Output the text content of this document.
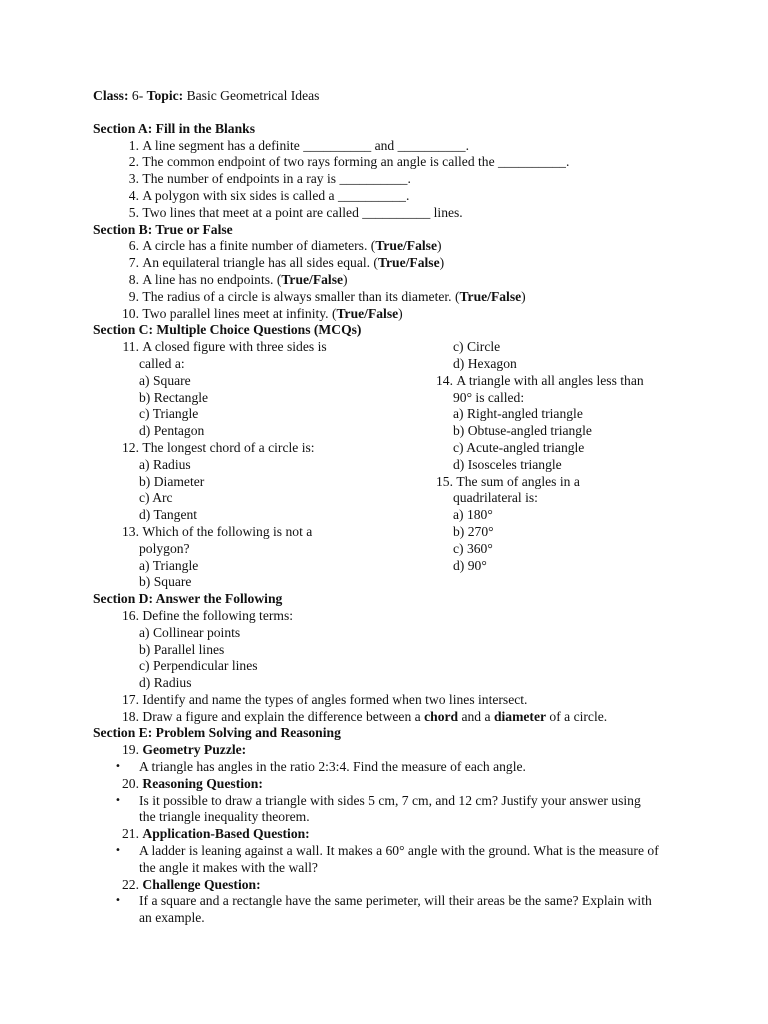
Class: 6- Topic: Basic Geometrical Ideas
Section A: Fill in the Blanks
1.
A line segment has a definite __________ and __________.
2.
The common endpoint of two rays forming an angle is called the __________.
3.
The number of endpoints in a ray is __________.
4.
A polygon with six sides is called a __________.
5.
Two lines that meet at a point are called __________ lines.
Section B: True or False
6.
A circle has a finite number of diameters. (True/False)
7.
An equilateral triangle has all sides equal. (True/False)
8.
A line has no endpoints. (True/False)
9.
The radius of a circle is always smaller than its diameter. (True/False)
10.
Two parallel lines meet at infinity. (True/False)
Section C: Multiple Choice Questions (MCQs)
11.
A closed figure with three sides is
called a:
a) Square
b) Rectangle
c) Triangle
d) Pentagon
12.
The longest chord of a circle is:
a) Radius
b) Diameter
c) Arc
d) Tangent
13.
Which of the following is not a
polygon?
a) Triangle
b) Square
c) Circle
d) Hexagon
14.
A triangle with all angles less than
90° is called:
a) Right-angled triangle
b) Obtuse-angled triangle
c) Acute-angled triangle
d) Isosceles triangle
15.
The sum of angles in a
quadrilateral is:
a) 180°
b) 270°
c) 360°
d) 90°
Section D: Answer the Following
16.
Define the following terms:
a) Collinear points
b) Parallel lines
c) Perpendicular lines
d) Radius
17.
Identify and name the types of angles formed when two lines intersect.
18.
Draw a figure and explain the difference between a chord and a diameter of a circle.
Section E: Problem Solving and Reasoning
19.
Geometry Puzzle:
•	A triangle has angles in the ratio 2:3:4. Find the measure of each angle.
20.
Reasoning Question:
•	Is it possible to draw a triangle with sides 5 cm, 7 cm, and 12 cm? Justify your answer using the triangle inequality theorem.
21.
Application-Based Question:
•	A ladder is leaning against a wall. It makes a 60° angle with the ground. What is the measure of the angle it makes with the wall?
22.
Challenge Question:
•	If a square and a rectangle have the same perimeter, will their areas be the same? Explain with an example.
